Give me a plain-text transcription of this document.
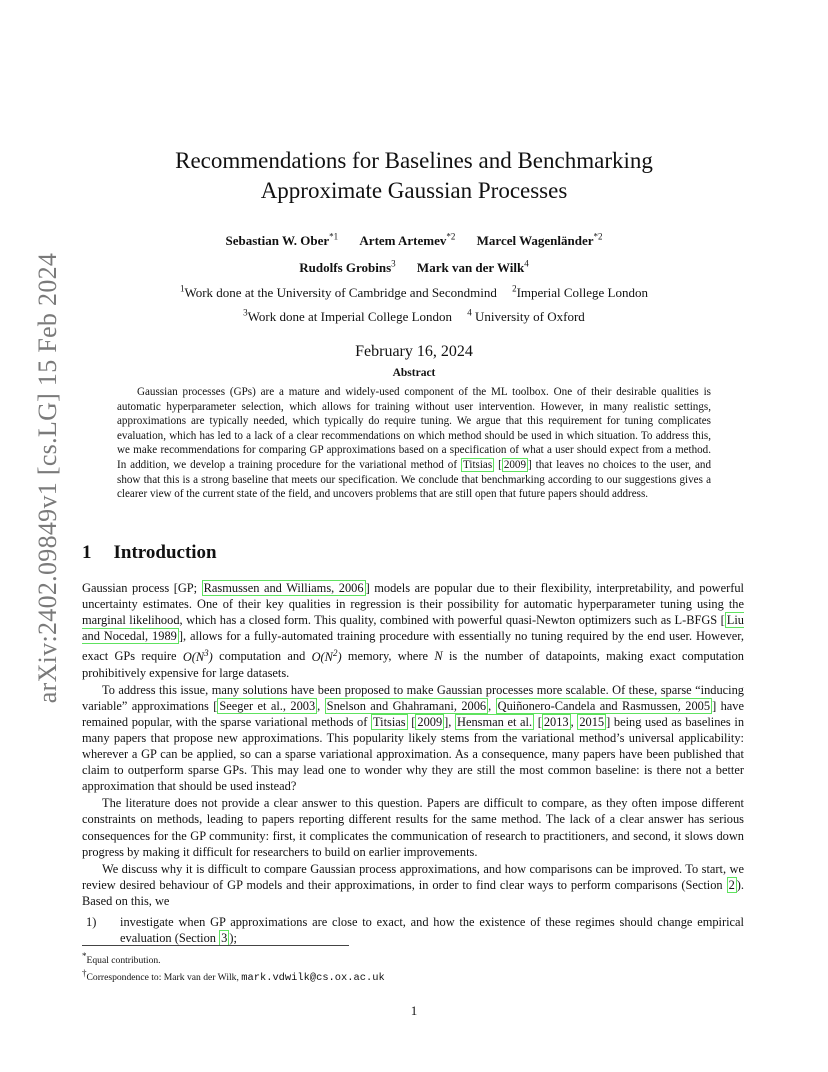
arXiv:2402.09849v1 [cs.LG] 15 Feb 2024
Recommendations for Baselines and Benchmarking
Approximate Gaussian Processes
Sebastian W. Ober$^{*1}$ Artem Artemev$^{*2}$ Marcel Wagenländer$^{*2}$
Rudolfs Grobins$^3$ Mark van der Wilk$^4$
$^1$Work done at the University of Cambridge and Secondmind $^2$Imperial College London
$^3$Work done at Imperial College London $^4$ University of Oxford
February 16, 2024
Abstract

Gaussian processes (GPs) are a mature and widely-used component of the ML toolbox. One of their desirable qualities is automatic hyperparameter selection, which allows for training without user intervention. However, in many realistic settings, approximations are typically needed, which typically do require tuning. We argue that this requirement for tuning complicates evaluation, which has led to a lack of a clear recommendations on which method should be used in which situation. To address this, we make recommendations for comparing GP approximations based on a specification of what a user should expect from a method. In addition, we develop a training procedure for the variational method of Titsias [ 2009 ] that leaves no choices to the user, and show that this is a strong baseline that meets our specification. We conclude that benchmarking according to our suggestions gives a clearer view of the current state of the field, and uncovers problems that are still open that future papers should address.

1 Introduction

Gaussian process [GP; Rasmussen and Williams, 2006 ] models are popular due to their flexibility, interpretability, and powerful uncertainty estimates. One of their key qualities in regression is their possibility for automatic hyperparameter tuning using the marginal likelihood, which has a closed form. This quality, combined with powerful quasi-Newton optimizers such as L-BFGS [ Liu and Nocedal, 1989 ], allows for a fully-automated training procedure with essentially no tuning required by the end user. However, exact GPs require $O(N^3)$ computation and $O(N^2)$ memory, where N is the number of datapoints, making exact computation prohibitively expensive for large datasets.

To address this issue, many solutions have been proposed to make Gaussian processes more scalable. Of these, sparse “inducing variable” approximations [ Seeger et al., 2003 , Snelson and Ghahramani, 2006 , Quiñonero-Candela and Rasmussen, 2005 ] have remained popular, with the sparse variational methods of Titsias [ 2009 ], Hensman et al. [ 2013 , 2015 ] being used as baselines in many papers that propose new approximations. This popularity likely stems from the variational method’s universal applicability: wherever a GP can be applied, so can a sparse variational approximation. As a consequence, many papers have been published that claim to outperform sparse GPs. This may lead one to wonder why they are still the most common baseline: is there not a better approximation that should be used instead?

The literature does not provide a clear answer to this question. Papers are difficult to compare, as they often impose different constraints on methods, leading to papers reporting different results for the same method. The lack of a clear answer has serious consequences for the GP community: first, it complicates the communication of research to practitioners, and second, it slows down progress by making it difficult for researchers to build on earlier improvements.

We discuss why it is difficult to compare Gaussian process approximations, and how comparisons can be improved. To start, we review desired behaviour of GP models and their approximations, in order to find clear ways to perform comparisons (Section 2 ). Based on this, we

1)	investigate when GP approximations are close to exact, and how the existence of these regimes should change empirical evaluation (Section 3 );
*Equal contribution.
†Correspondence to: Mark van der Wilk, mark.vdwilk@cs.ox.ac.uk
1
